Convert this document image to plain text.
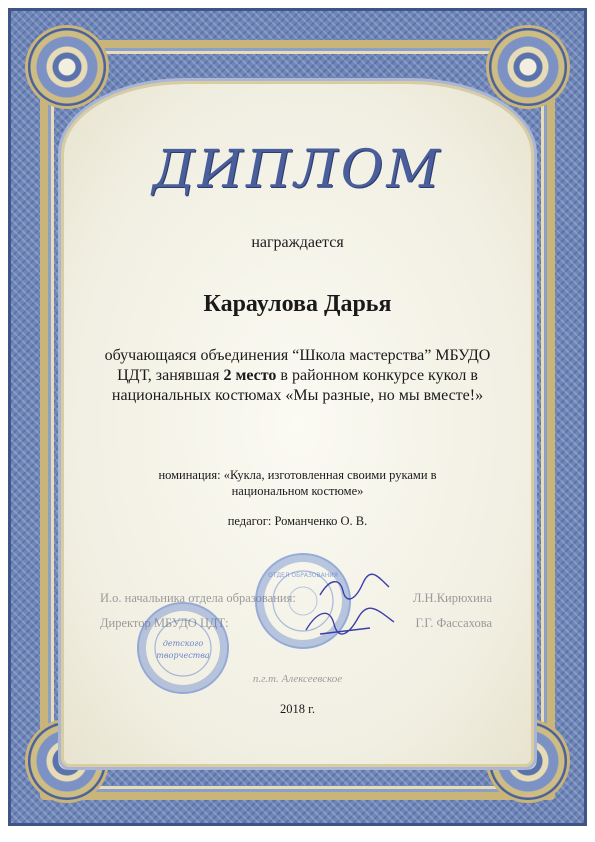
ДИПЛОМ
награждается
Караулова Дарья
обучающаяся объединения “Школа мастерства” МБУДО ЦДТ, занявшая 2 место в районном конкурсе кукол в национальных костюмах «Мы разные, но мы вместе!»
номинация: «Кукла, изготовленная своими руками в национальном костюме»
педагог: Романченко О. В.
И.о. начальника отдела образования:	Л.Н.Кирюхина
Директор МБУДО ЦДТ:	Г.Г. Фассахова
ОТДЕЛ ОБРАЗОВАНИЯ
детского
творчества
п.г.т. Алексеевское
2018 г.
